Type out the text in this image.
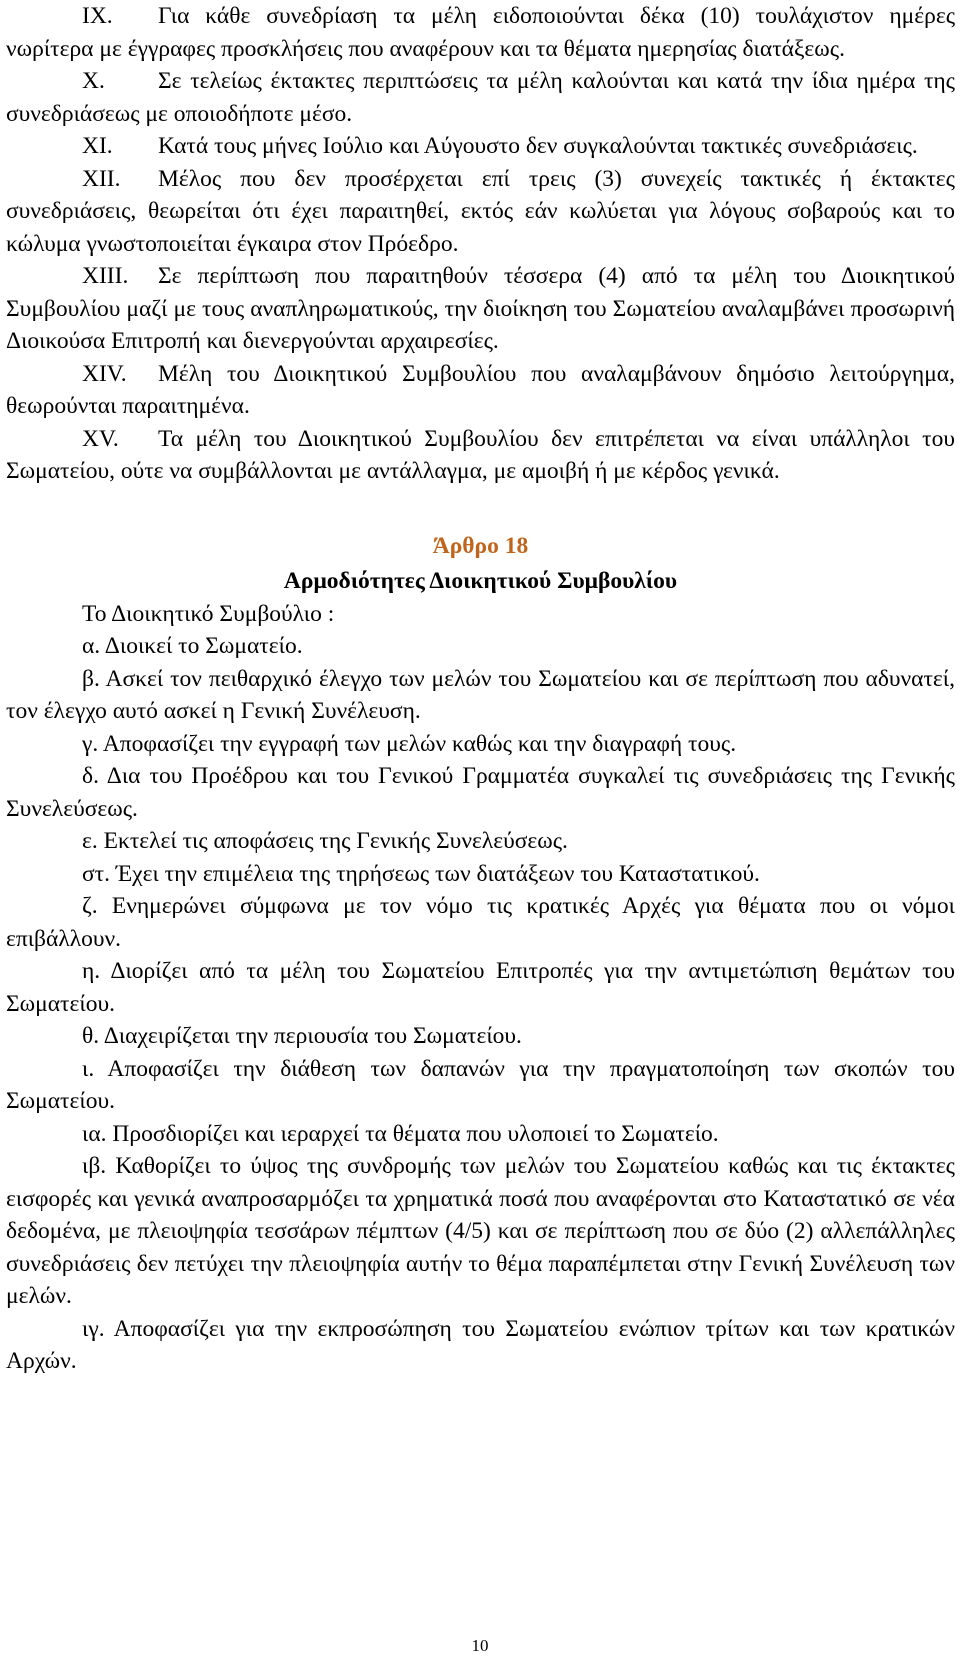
IX. Για κάθε συνεδρίαση τα μέλη ειδοποιούνται δέκα (10) τουλάχιστον ημέρες νωρίτερα με έγγραφες προσκλήσεις που αναφέρουν και τα θέματα ημερησίας διατάξεως.

X. Σε τελείως έκτακτες περιπτώσεις τα μέλη καλούνται και κατά την ίδια ημέρα της συνεδριάσεως με οποιοδήποτε μέσο.

XI. Κατά τους μήνες Ιούλιο και Αύγουστο δεν συγκαλούνται τακτικές συνεδριάσεις.

XII. Μέλος που δεν προσέρχεται επί τρεις (3) συνεχείς τακτικές ή έκτακτες συνεδριάσεις, θεωρείται ότι έχει παραιτηθεί, εκτός εάν κωλύεται για λόγους σοβαρούς και το κώλυμα γνωστοποιείται έγκαιρα στον Πρόεδρο.

XIII. Σε περίπτωση που παραιτηθούν τέσσερα (4) από τα μέλη του Διοικητικού Συμβουλίου μαζί με τους αναπληρωματικούς, την διοίκηση του Σωματείου αναλαμβάνει προσωρινή Διοικούσα Επιτροπή και διενεργούνται αρχαιρεσίες.

XIV. Μέλη του Διοικητικού Συμβουλίου που αναλαμβάνουν δημόσιο λειτούργημα, θεωρούνται παραιτημένα.

XV. Τα μέλη του Διοικητικού Συμβουλίου δεν επιτρέπεται να είναι υπάλληλοι του Σωματείου, ούτε να συμβάλλονται με αντάλλαγμα, με αμοιβή ή με κέρδος γενικά.

Άρθρο 18

Αρμοδιότητες Διοικητικού Συμβουλίου

Το Διοικητικό Συμβούλιο :

α. Διοικεί το Σωματείο.

β. Ασκεί τον πειθαρχικό έλεγχο των μελών του Σωματείου και σε περίπτωση που αδυνατεί, τον έλεγχο αυτό ασκεί η Γενική Συνέλευση.

γ. Αποφασίζει την εγγραφή των μελών καθώς και την διαγραφή τους.

δ. Δια του Προέδρου και του Γενικού Γραμματέα συγκαλεί τις συνεδριάσεις της Γενικής Συνελεύσεως.

ε. Εκτελεί τις αποφάσεις της Γενικής Συνελεύσεως.

στ. Έχει την επιμέλεια της τηρήσεως των διατάξεων του Καταστατικού.

ζ. Ενημερώνει σύμφωνα με τον νόμο τις κρατικές Αρχές για θέματα που οι νόμοι επιβάλλουν.

η. Διορίζει από τα μέλη του Σωματείου Επιτροπές για την αντιμετώπιση θεμάτων του Σωματείου.

θ. Διαχειρίζεται την περιουσία του Σωματείου.

ι. Αποφασίζει την διάθεση των δαπανών για την πραγματοποίηση των σκοπών του Σωματείου.

ια. Προσδιορίζει και ιεραρχεί τα θέματα που υλοποιεί το Σωματείο.

ιβ. Καθορίζει το ύψος της συνδρομής των μελών του Σωματείου καθώς και τις έκτακτες εισφορές και γενικά αναπροσαρμόζει τα χρηματικά ποσά που αναφέρονται στο Καταστατικό σε νέα δεδομένα, με πλειοψηφία τεσσάρων πέμπτων (4/5) και σε περίπτωση που σε δύο (2) αλλεπάλληλες συνεδριάσεις δεν πετύχει την πλειοψηφία αυτήν το θέμα παραπέμπεται στην Γενική Συνέλευση των μελών.

ιγ. Αποφασίζει για την εκπροσώπηση του Σωματείου ενώπιον τρίτων και των κρατικών Αρχών.

10
